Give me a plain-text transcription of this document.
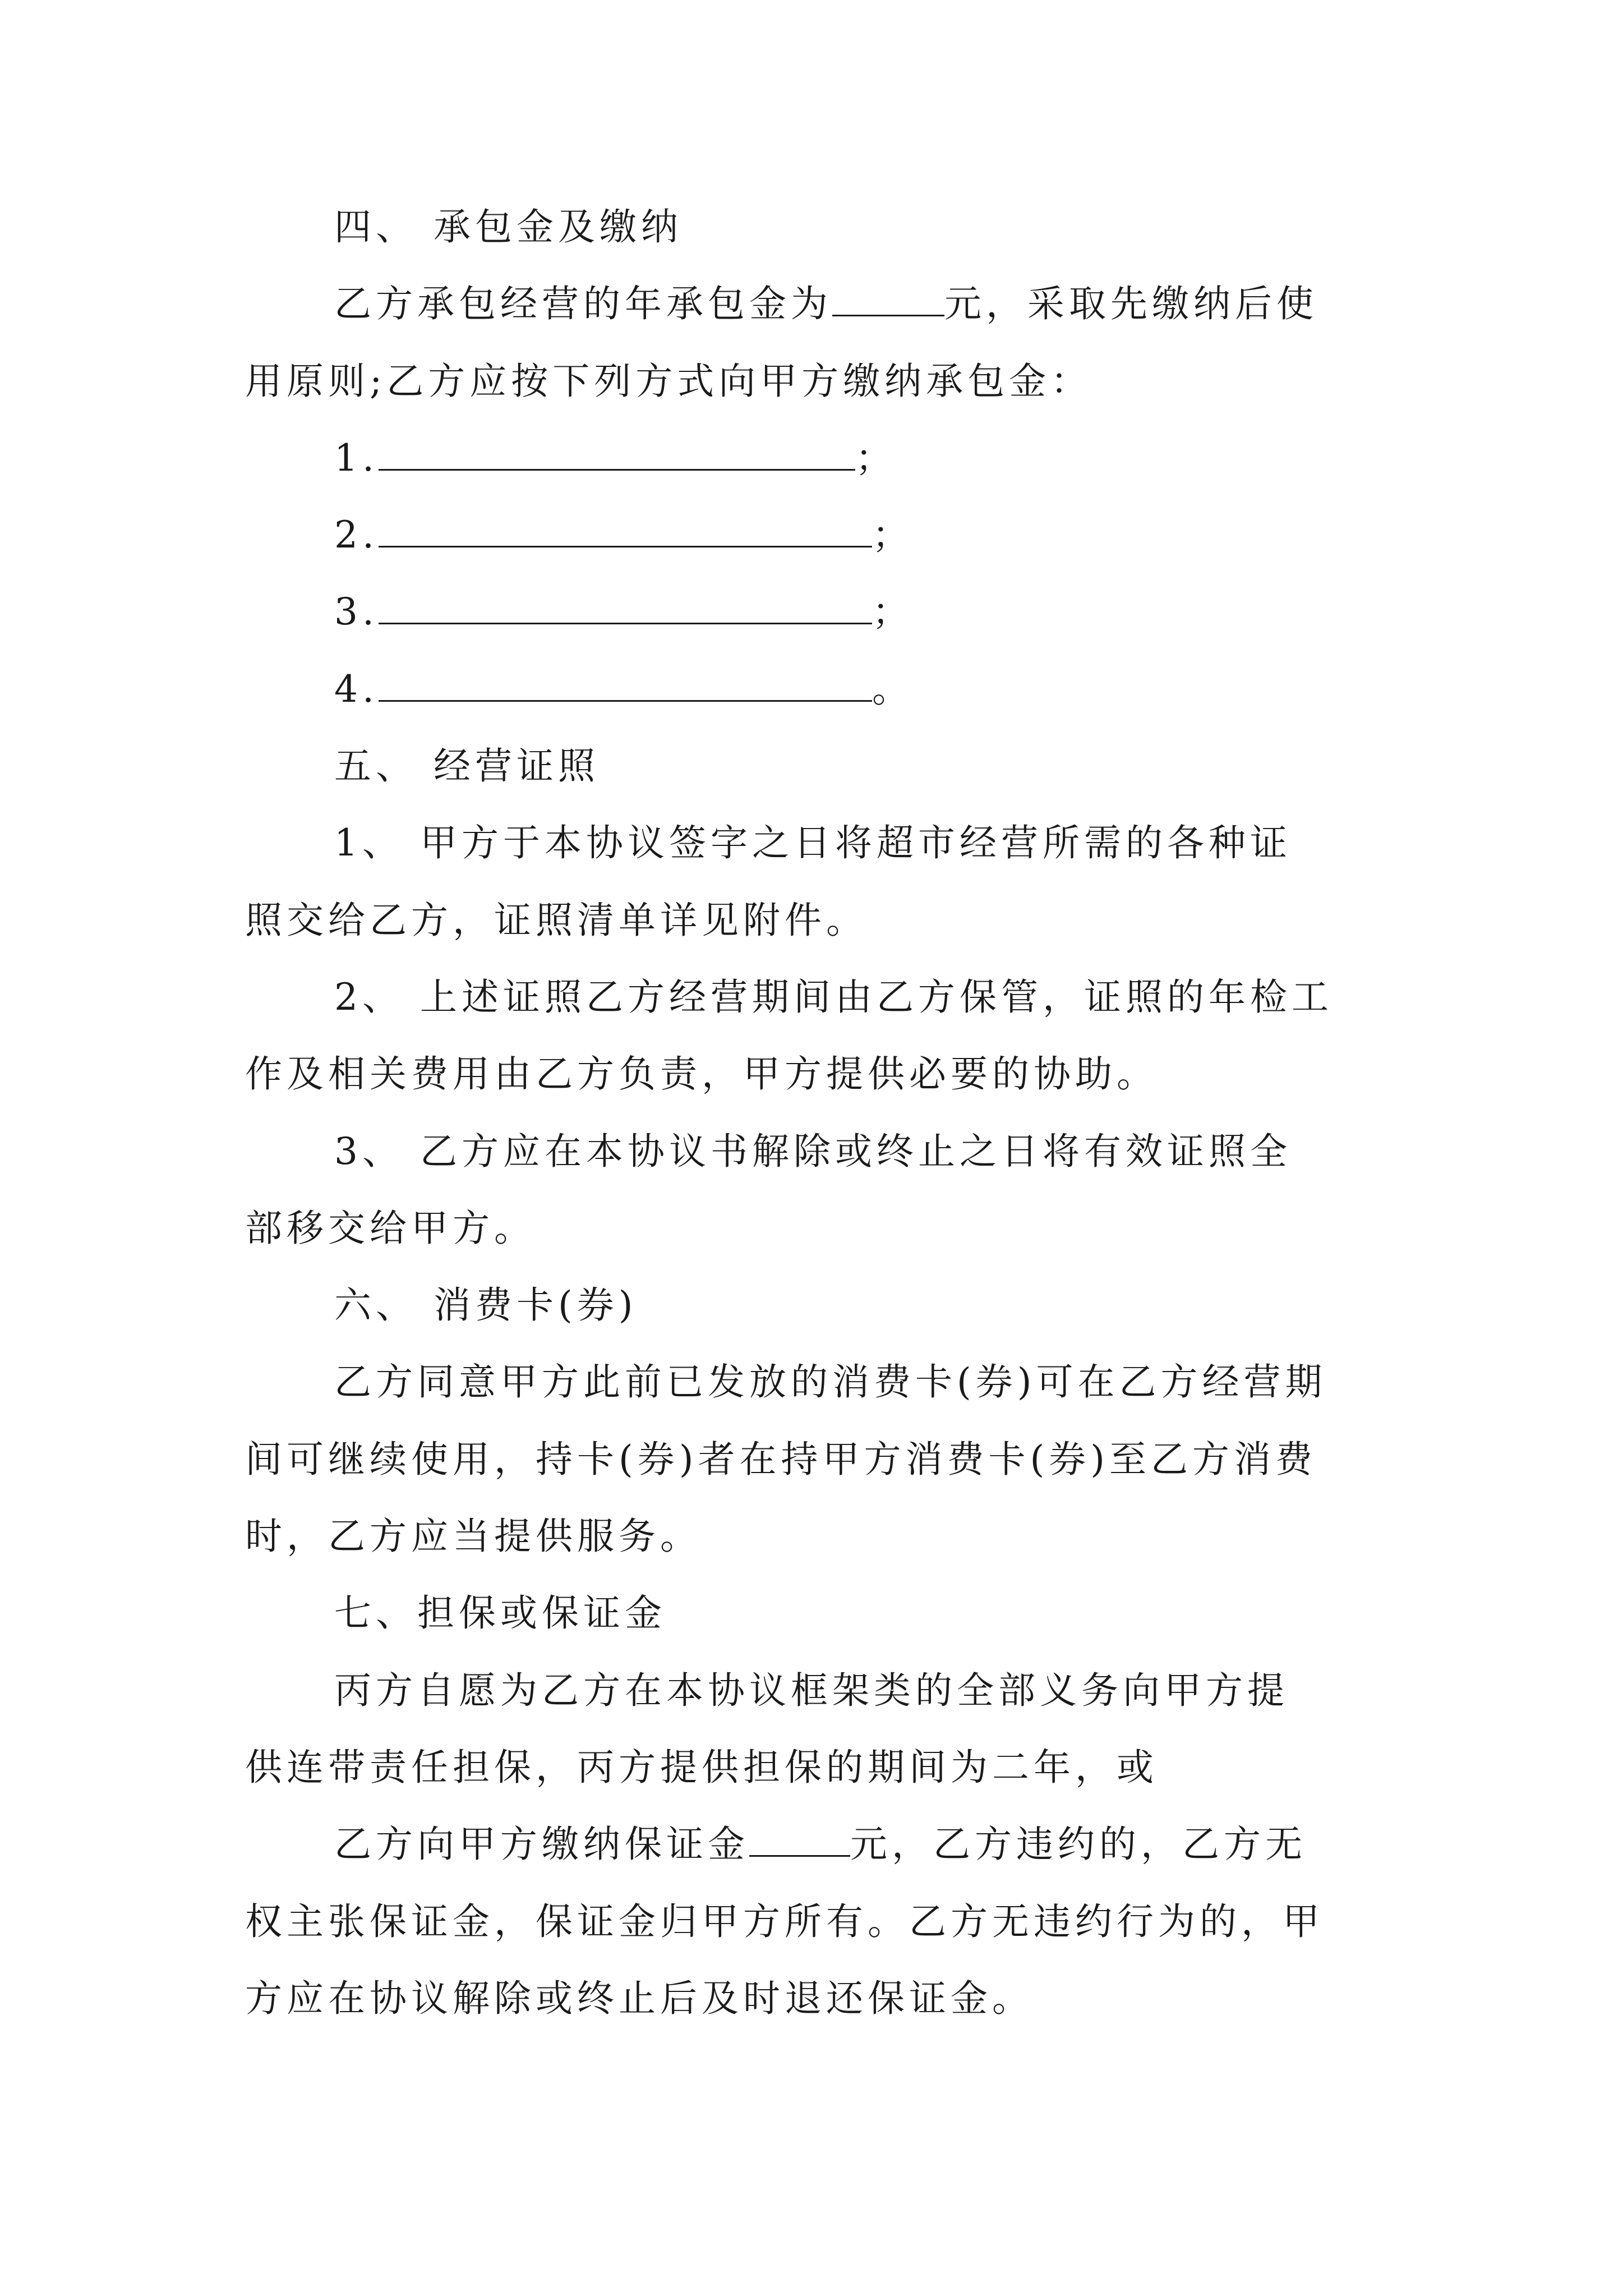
四、 承包金及缴纳
乙方承包经营的年承包金为	元，采取先缴纳后使
用原则;乙方应按下列方式向甲方缴纳承包金：
1.	；
2.	；
3.	；
4.	。
五、 经营证照
1、 甲方于本协议签字之日将超市经营所需的各种证
照交给乙方，证照清单详见附件。
2、 上述证照乙方经营期间由乙方保管，证照的年检工
作及相关费用由乙方负责，甲方提供必要的协助。
3、 乙方应在本协议书解除或终止之日将有效证照全
部移交给甲方。
六、 消费卡(券)
乙方同意甲方此前已发放的消费卡(券)可在乙方经营期
间可继续使用，持卡(券)者在持甲方消费卡(券)至乙方消费
时，乙方应当提供服务。
七、担保或保证金
丙方自愿为乙方在本协议框架类的全部义务向甲方提
供连带责任担保，丙方提供担保的期间为二年，或
乙方向甲方缴纳保证金	元，乙方违约的，乙方无
权主张保证金，保证金归甲方所有。乙方无违约行为的，甲
方应在协议解除或终止后及时退还保证金。
